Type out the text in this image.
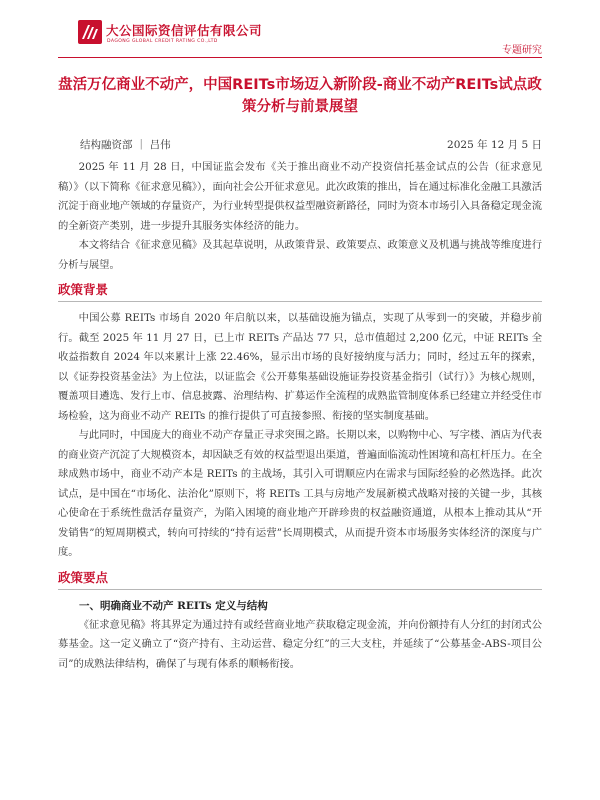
大公国际资信评估有限公司
DAGONG GLOBAL CREDIT RATING CO.,LTD
专题研究
盘活万亿商业不动产，中国REITs市场迈入新阶段-商业不动产REITs试点政策分析与前景展望
结构融资部 ｜ 吕伟	2025 年 12 月 5 日

2025 年 11 月 28 日，中国证监会发布《关于推出商业不动产投资信托基金试点的公告（征求意见稿）》（以下简称《征求意见稿》），面向社会公开征求意见。此次政策的推出，旨在通过标准化金融工具激活沉淀于商业地产领域的存量资产，为行业转型提供权益型融资新路径，同时为资本市场引入具备稳定现金流的全新资产类别，进一步提升其服务实体经济的能力。

本文将结合《征求意见稿》及其起草说明，从政策背景、政策要点、政策意义及机遇与挑战等维度进行分析与展望。

政策背景

中国公募 REITs 市场自 2020 年启航以来，以基础设施为锚点，实现了从零到一的突破，并稳步前行。截至 2025 年 11 月 27 日，已上市 REITs 产品达 77 只，总市值超过 2,200 亿元，中证 REITs 全收益指数自 2024 年以来累计上涨 22.46%，显示出市场的良好接纳度与活力；同时，经过五年的探索，以《证券投资基金法》为上位法，以证监会《公开募集基础设施证券投资基金指引（试行）》为核心规则，覆盖项目遴选、发行上市、信息披露、治理结构、扩募运作全流程的成熟监管制度体系已经建立并经受住市场检验，这为商业不动产 REITs 的推行提供了可直接参照、衔接的坚实制度基础。

与此同时，中国庞大的商业不动产存量正寻求突围之路。长期以来，以购物中心、写字楼、酒店为代表的商业资产沉淀了大规模资本，却因缺乏有效的权益型退出渠道，普遍面临流动性困境和高杠杆压力。在全球成熟市场中，商业不动产本是 REITs 的主战场，其引入可谓顺应内在需求与国际经验的必然选择。此次试点，是中国在“市场化、法治化”原则下，将 REITs 工具与房地产发展新模式战略对接的关键一步，其核心使命在于系统性盘活存量资产，为陷入困境的商业地产开辟珍贵的权益融资通道，从根本上推动其从“开发销售”的短周期模式，转向可持续的“持有运营”长周期模式，从而提升资本市场服务实体经济的深度与广度。

政策要点
一、明确商业不动产 REITs 定义与结构

《征求意见稿》将其界定为通过持有或经营商业地产获取稳定现金流，并向份额持有人分红的封闭式公募基金。这一定义确立了“资产持有、主动运营、稳定分红”的三大支柱，并延续了“公募基金-ABS-项目公司”的成熟法律结构，确保了与现有体系的顺畅衔接。
